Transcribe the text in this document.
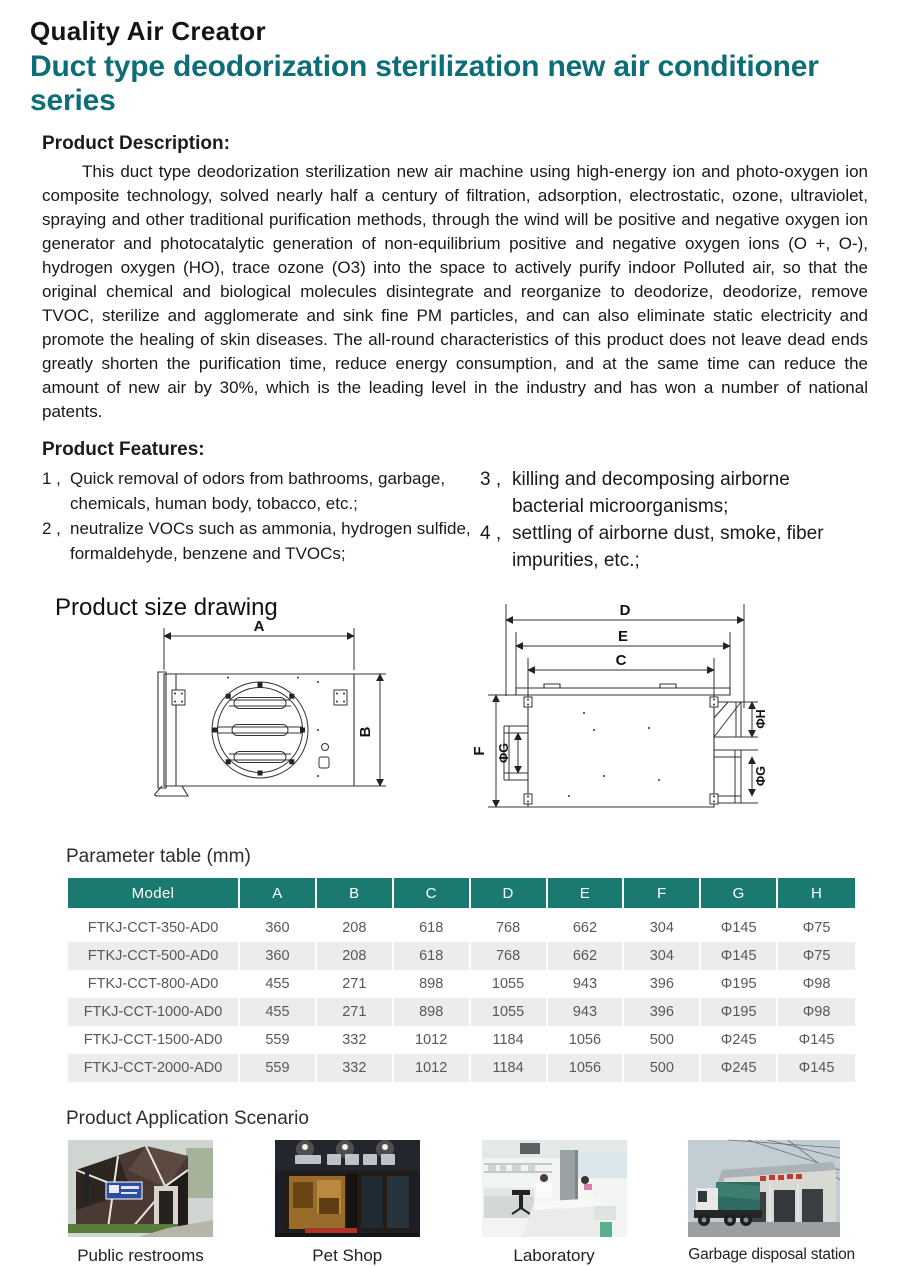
Quality Air Creator
Duct type deodorization sterilization new air conditioner series
Product Description:

This duct type deodorization sterilization new air machine using high-energy ion and photo-oxygen ion composite technology, solved nearly half a century of filtration, adsorption, electrostatic, ozone, ultraviolet, spraying and other traditional purification methods, through the wind will be positive and negative oxygen ion generator and photocatalytic generation of non-equilibrium positive and negative oxygen ions (O +, O-), hydrogen oxygen (HO), trace ozone (O3) into the space to actively purify indoor Polluted air, so that the original chemical and biological molecules disintegrate and reorganize to deodorize, deodorize, remove TVOC, sterilize and agglomerate and sink fine PM particles, and can also eliminate static electricity and promote the healing of skin diseases. The all-round characteristics of this product does not leave dead ends greatly shorten the purification time, reduce energy consumption, and at the same time can reduce the amount of new air by 30%, which is the leading level in the industry and has won a number of national patents.

Product Features:
1 , Quick removal of odors from bathrooms, garbage, chemicals, human body, tobacco, etc.;
2 , neutralize VOCs such as ammonia, hydrogen sulfide, formaldehyde, benzene and TVOCs;
3 , killing and decomposing airborne bacterial microorganisms;
4 , settling of airborne dust, smoke, fiber impurities, etc.;
Product size drawing
A
B
D
E
C
F ΦG
ΦH
ΦG
Parameter table (mm)
Model	A	B	C	D	E	F	G	H
FTKJ-CCT-350-AD0	360	208	618	768	662	304	Φ145	Φ75
FTKJ-CCT-500-AD0	360	208	618	768	662	304	Φ145	Φ75
FTKJ-CCT-800-AD0	455	271	898	1055	943	396	Φ195	Φ98
FTKJ-CCT-1000-AD0	455	271	898	1055	943	396	Φ195	Φ98
FTKJ-CCT-1500-AD0	559	332	1012	1184	1056	500	Φ245	Φ145
FTKJ-CCT-2000-AD0	559	332	1012	1184	1056	500	Φ245	Φ145
Product Application Scenario
Public restrooms	Pet Shop	Laboratory	Garbage disposal station
